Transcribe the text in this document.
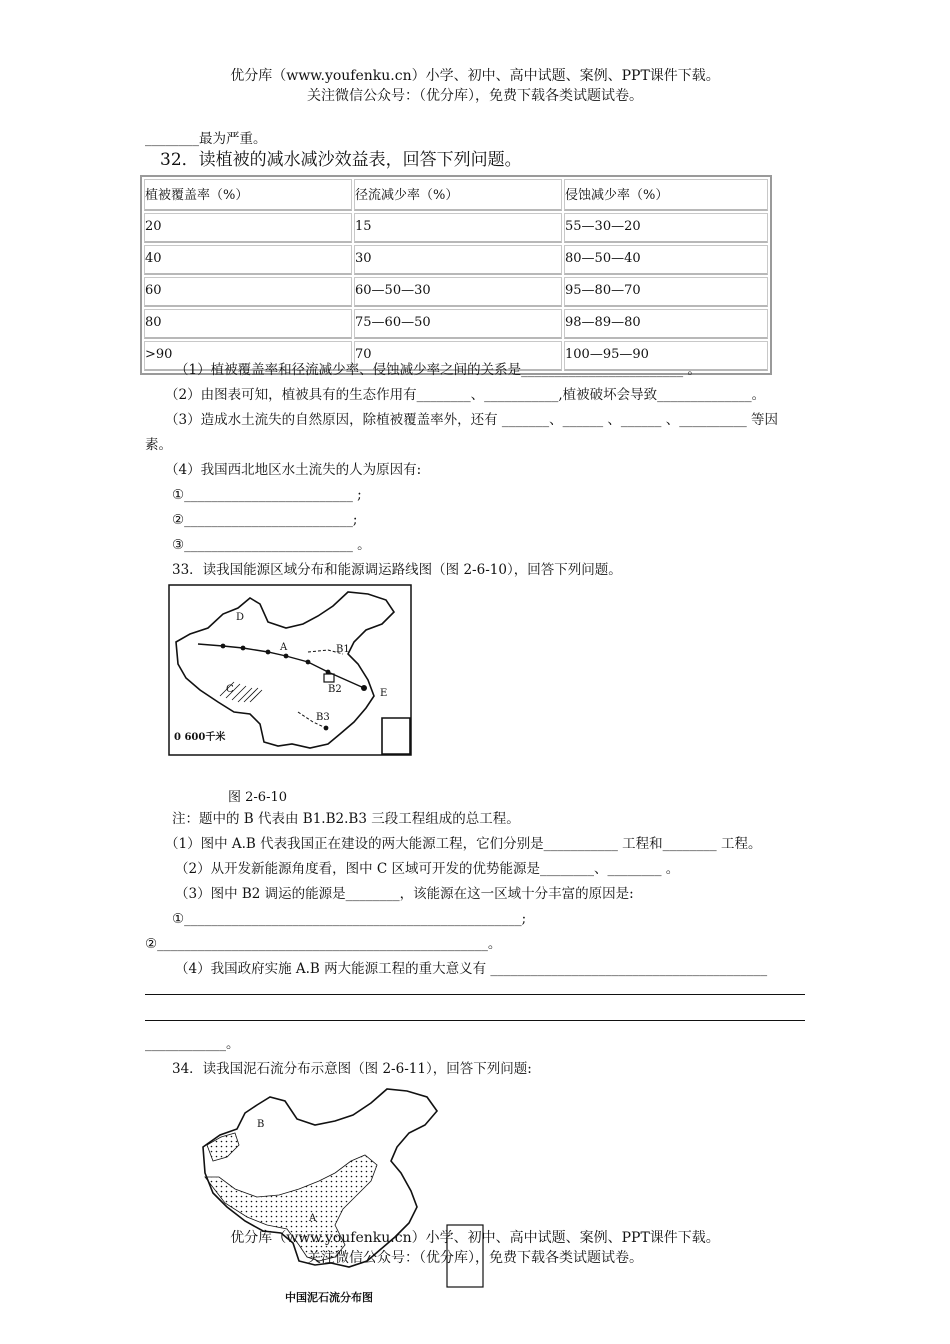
优分库（www.youfenku.cn）小学、初中、高中试题、案例、PPT课件下载。
关注微信公众号：（优分库），免费下载各类试题试卷。
________最为严重。
32．读植被的减水减沙效益表，回答下列问题。
植被覆盖率（%）	径流减少率（%）	侵蚀减少率（%）
20	15	55—30—20
40	30	80—50—40
60	60—50—30	95—80—70
80	75—60—50	98—89—80
>90	70	100—95—90
（1）植被覆盖率和径流减少率、侵蚀减少率之间的关系是________________________ 。
（2）由图表可知，植被具有的生态作用有________、___________,植被破坏会导致______________。
（3）造成水土流失的自然原因，除植被覆盖率外，还有 _______、______ 、______ 、__________ 等因
素。
（4）我国西北地区水土流失的人为原因有:
①_________________________ ;
②_________________________;
③_________________________ 。
33．读我国能源区域分布和能源调运路线图（图 2-6-10），回答下列问题。
D
A	B1
B2
B3
C	E
0 600千米
图 2-6-10
注：题中的 B 代表由 B1.B2.B3 三段工程组成的总工程。
（1）图中 A.B 代表我国正在建设的两大能源工程，它们分别是___________ 工程和________ 工程。
（2）从开发新能源角度看，图中 C 区域可开发的优势能源是________、________ 。
（3）图中 B2 调运的能源是________，该能源在这一区域十分丰富的原因是:
①__________________________________________________;
②_________________________________________________。
（4）我国政府实施 A.B 两大能源工程的重大意义有 _________________________________________
____________。
34．读我国泥石流分布示意图（图 2-6-11），回答下列问题:
B
A
中国泥石流分布图
优分库（www.youfenku.cn）小学、初中、高中试题、案例、PPT课件下载。
关注微信公众号：（优分库），免费下载各类试题试卷。
